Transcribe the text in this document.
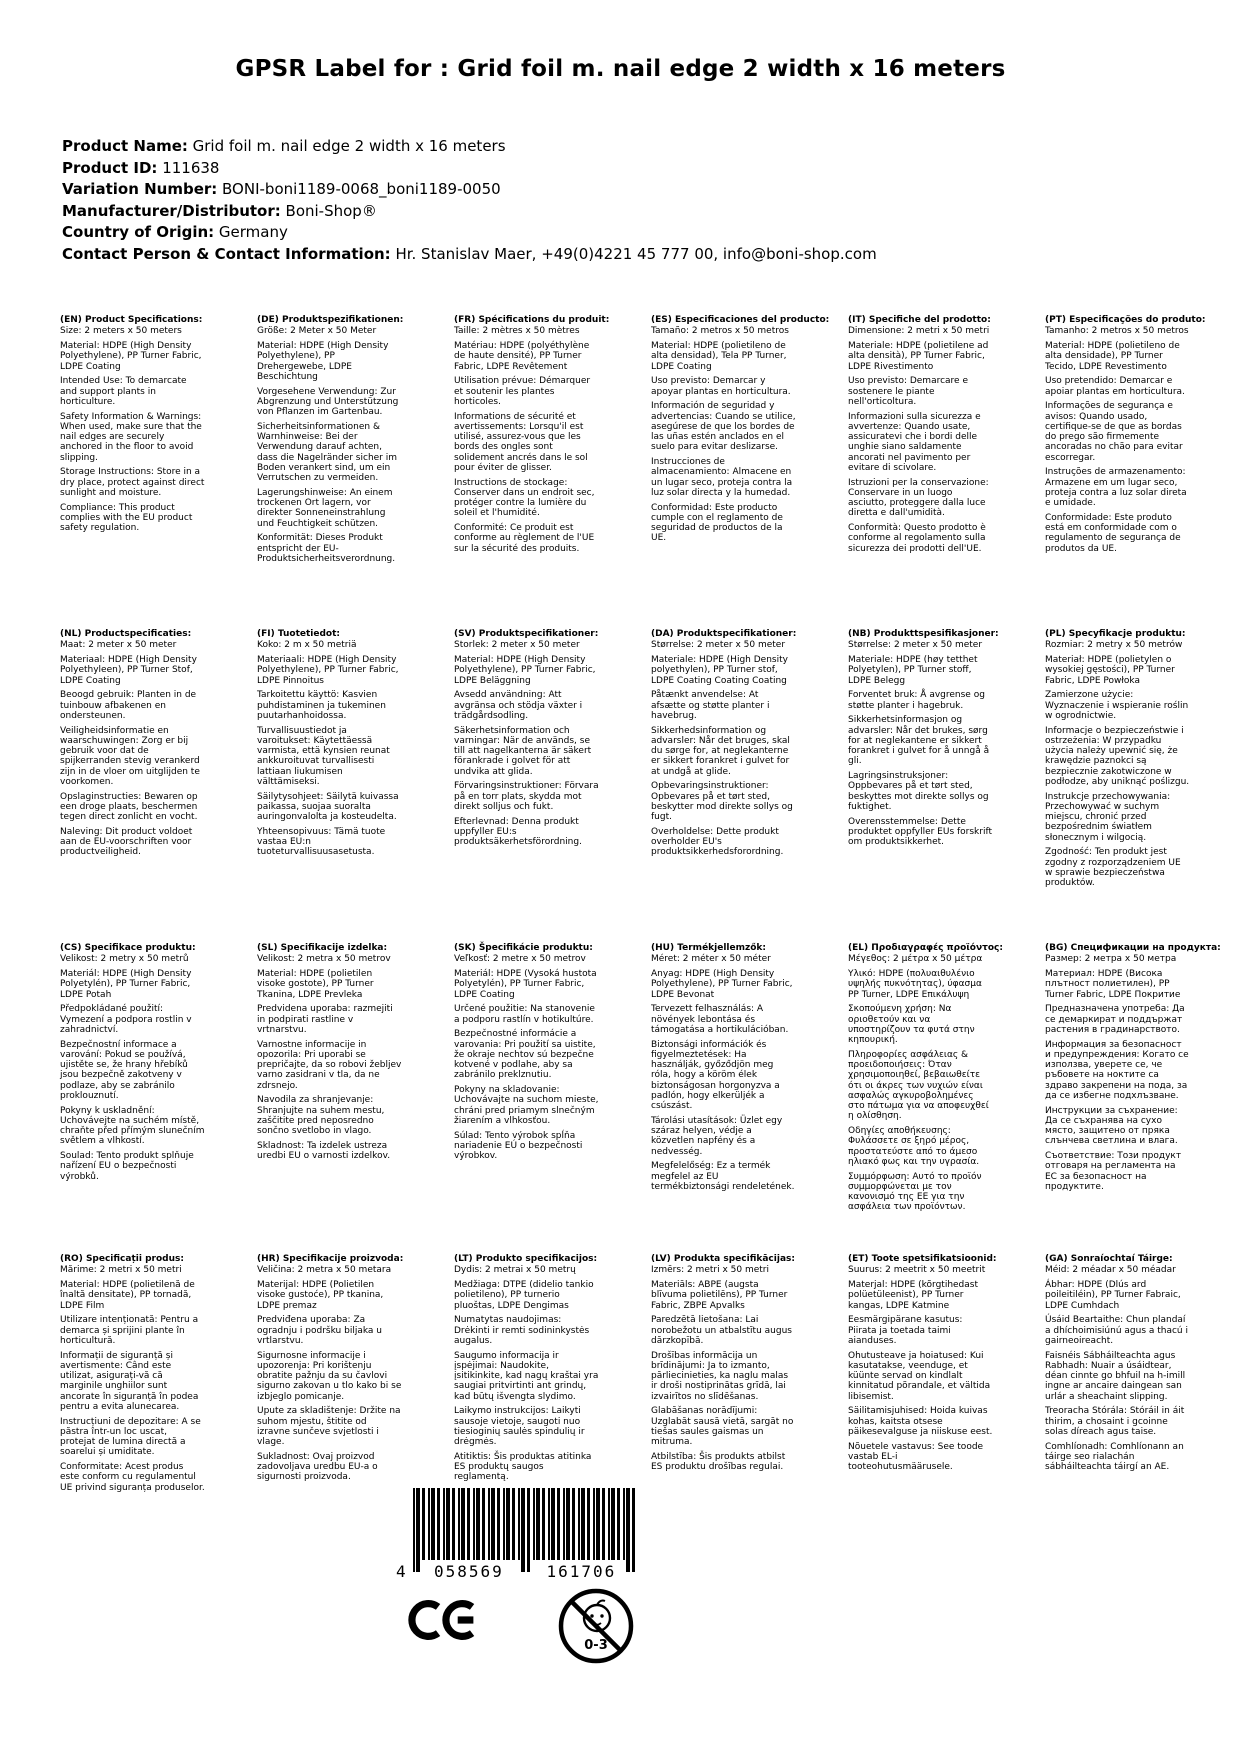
GPSR Label for : Grid foil m. nail edge 2 width x 16 meters
Product Name: Grid foil m. nail edge 2 width x 16 meters
Product ID: 111638
Variation Number: BONI-boni1189-0068_boni1189-0050
Manufacturer/Distributor: Boni-Shop®
Country of Origin: Germany
Contact Person & Contact Information: Hr. Stanislav Maer, +49(0)4221 45 777 00, info@boni-shop.com
(EN) Product Specifications:

Size: 2 meters x 50 meters

Material: HDPE (High Density Polyethylene), PP Turner Fabric, LDPE Coating

Intended Use: To demarcate and support plants in horticulture.

Safety Information & Warnings: When used, make sure that the nail edges are securely anchored in the floor to avoid slipping.

Storage Instructions: Store in a dry place, protect against direct sunlight and moisture.

Compliance: This product complies with the EU product safety regulation.

(DE) Produktspezifikationen:

Größe: 2 Meter x 50 Meter

Material: HDPE (High Density Polyethylene), PP Drehergewebe, LDPE Beschichtung

Vorgesehene Verwendung: Zur Abgrenzung und Unterstützung von Pflanzen im Gartenbau.

Sicherheitsinformationen & Warnhinweise: Bei der Verwendung darauf achten, dass die Nagelränder sicher im Boden verankert sind, um ein Verrutschen zu vermeiden.

Lagerungshinweise: An einem trockenen Ort lagern, vor direkter Sonneneinstrahlung und Feuchtigkeit schützen.

Konformität: Dieses Produkt entspricht der EU-Produktsicherheitsverordnung.

(FR) Spécifications du produit:

Taille: 2 mètres x 50 mètres

Matériau: HDPE (polyéthylène de haute densité), PP Turner Fabric, LDPE Revêtement

Utilisation prévue: Démarquer et soutenir les plantes horticoles.

Informations de sécurité et avertissements: Lorsqu'il est utilisé, assurez-vous que les bords des ongles sont solidement ancrés dans le sol pour éviter de glisser.

Instructions de stockage: Conserver dans un endroit sec, protéger contre la lumière du soleil et l'humidité.

Conformité: Ce produit est conforme au règlement de l'UE sur la sécurité des produits.

(ES) Especificaciones del producto:

Tamaño: 2 metros x 50 metros

Material: HDPE (polietileno de alta densidad), Tela PP Turner, LDPE Coating

Uso previsto: Demarcar y apoyar plantas en horticultura.

Información de seguridad y advertencias: Cuando se utilice, asegúrese de que los bordes de las uñas estén anclados en el suelo para evitar deslizarse.

Instrucciones de almacenamiento: Almacene en un lugar seco, proteja contra la luz solar directa y la humedad.

Conformidad: Este producto cumple con el reglamento de seguridad de productos de la UE.

(IT) Specifiche del prodotto:

Dimensione: 2 metri x 50 metri

Materiale: HDPE (polietilene ad alta densità), PP Turner Fabric, LDPE Rivestimento

Uso previsto: Demarcare e sostenere le piante nell'orticoltura.

Informazioni sulla sicurezza e avvertenze: Quando usate, assicuratevi che i bordi delle unghie siano saldamente ancorati nel pavimento per evitare di scivolare.

Istruzioni per la conservazione: Conservare in un luogo asciutto, proteggere dalla luce diretta e dall'umidità.

Conformità: Questo prodotto è conforme al regolamento sulla sicurezza dei prodotti dell'UE.

(PT) Especificações do produto:

Tamanho: 2 metros x 50 metros

Material: HDPE (polietileno de alta densidade), PP Turner Tecido, LDPE Revestimento

Uso pretendido: Demarcar e apoiar plantas em horticultura.

Informações de segurança e avisos: Quando usado, certifique-se de que as bordas do prego são firmemente ancoradas no chão para evitar escorregar.

Instruções de armazenamento: Armazene em um lugar seco, proteja contra a luz solar direta e umidade.

Conformidade: Este produto está em conformidade com o regulamento de segurança de produtos da UE.

(NL) Productspecificaties:

Maat: 2 meter x 50 meter

Materiaal: HDPE (High Density Polyethyleen), PP Turner Stof, LDPE Coating

Beoogd gebruik: Planten in de tuinbouw afbakenen en ondersteunen.

Veiligheidsinformatie en waarschuwingen: Zorg er bij gebruik voor dat de spijkerranden stevig verankerd zijn in de vloer om uitglijden te voorkomen.

Opslaginstructies: Bewaren op een droge plaats, beschermen tegen direct zonlicht en vocht.

Naleving: Dit product voldoet aan de EU-voorschriften voor productveiligheid.

(FI) Tuotetiedot:

Koko: 2 m x 50 metriä

Materiaali: HDPE (High Density Polyethylene), PP Turner Fabric, LDPE Pinnoitus

Tarkoitettu käyttö: Kasvien puhdistaminen ja tukeminen puutarhanhoidossa.

Turvallisuustiedot ja varoitukset: Käytettäessä varmista, että kynsien reunat ankkuroituvat turvallisesti lattiaan liukumisen välttämiseksi.

Säilytysohjeet: Säilytä kuivassa paikassa, suojaa suoralta auringonvalolta ja kosteudelta.

Yhteensopivuus: Tämä tuote vastaa EU:n tuoteturvallisuusasetusta.

(SV) Produktspecifikationer:

Storlek: 2 meter x 50 meter

Material: HDPE (High Density Polyethylene), PP Turner Fabric, LDPE Beläggning

Avsedd användning: Att avgränsa och stödja växter i trädgårdsodling.

Säkerhetsinformation och varningar: När de används, se till att nagelkanterna är säkert förankrade i golvet för att undvika att glida.

Förvaringsinstruktioner: Förvara på en torr plats, skydda mot direkt solljus och fukt.

Efterlevnad: Denna produkt uppfyller EU:s produktsäkerhetsförordning.

(DA) Produktspecifikationer:

Størrelse: 2 meter x 50 meter

Materiale: HDPE (High Density polyethylen), PP Turner stof, LDPE Coating Coating Coating

Påtænkt anvendelse: At afsætte og støtte planter i havebrug.

Sikkerhedsinformation og advarsler: Når det bruges, skal du sørge for, at neglekanterne er sikkert forankret i gulvet for at undgå at glide.

Opbevaringsinstruktioner: Opbevares på et tørt sted, beskytter mod direkte sollys og fugt.

Overholdelse: Dette produkt overholder EU's produktsikkerhedsforordning.

(NB) Produkttspesifikasjoner:

Størrelse: 2 meter x 50 meter

Materiale: HDPE (høy tetthet Polyetylen), PP Turner stoff, LDPE Belegg

Forventet bruk: Å avgrense og støtte planter i hagebruk.

Sikkerhetsinformasjon og advarsler: Når det brukes, sørg for at neglekantene er sikkert forankret i gulvet for å unngå å gli.

Lagringsinstruksjoner: Oppbevares på et tørt sted, beskyttes mot direkte sollys og fuktighet.

Overensstemmelse: Dette produktet oppfyller EUs forskrift om produktsikkerhet.

(PL) Specyfikacje produktu:

Rozmiar: 2 metry x 50 metrów

Materiał: HDPE (polietylen o wysokiej gęstości), PP Turner Fabric, LDPE Powłoka

Zamierzone użycie: Wyznaczenie i wspieranie roślin w ogrodnictwie.

Informacje o bezpieczeństwie i ostrzeżenia: W przypadku użycia należy upewnić się, że krawędzie paznokci są bezpiecznie zakotwiczone w podłodze, aby uniknąć poślizgu.

Instrukcje przechowywania: Przechowywać w suchym miejscu, chronić przed bezpośrednim światłem słonecznym i wilgocią.

Zgodność: Ten produkt jest zgodny z rozporządzeniem UE w sprawie bezpieczeństwa produktów.

(CS) Specifikace produktu:

Velikost: 2 metry x 50 metrů

Materiál: HDPE (High Density Polyetylén), PP Turner Fabric, LDPE Potah

Předpokládané použití: Vymezení a podpora rostlin v zahradnictví.

Bezpečnostní informace a varování: Pokud se používá, ujistěte se, že hrany hřebíků jsou bezpečně zakotveny v podlaze, aby se zabránilo proklouznutí.

Pokyny k uskladnění: Uchovávejte na suchém místě, chraňte před přímým slunečním světlem a vlhkostí.

Soulad: Tento produkt splňuje nařízení EU o bezpečnosti výrobků.

(SL) Specifikacije izdelka:

Velikost: 2 metra x 50 metrov

Material: HDPE (polietilen visoke gostote), PP Turner Tkanina, LDPE Prevleka

Predvidena uporaba: razmejiti in podpirati rastline v vrtnarstvu.

Varnostne informacije in opozorila: Pri uporabi se prepričajte, da so robovi žebljev varno zasidrani v tla, da ne zdrsnejo.

Navodila za shranjevanje: Shranjujte na suhem mestu, zaščitite pred neposredno sončno svetlobo in vlago.

Skladnost: Ta izdelek ustreza uredbi EU o varnosti izdelkov.

(SK) Špecifikácie produktu:

Veľkosť: 2 metre x 50 metrov

Materiál: HDPE (Vysoká hustota Polyetylén), PP Turner Fabric, LDPE Coating

Určené použitie: Na stanovenie a podporu rastlín v hotikultúre.

Bezpečnostné informácie a varovania: Pri použití sa uistite, že okraje nechtov sú bezpečne kotvené v podlahe, aby sa zabránilo preklznutiu.

Pokyny na skladovanie: Uchovávajte na suchom mieste, chráni pred priamym slnečným žiarením a vlhkosťou.

Súlad: Tento výrobok spĺňa nariadenie EÚ o bezpečnosti výrobkov.

(HU) Termékjellemzők:

Méret: 2 méter x 50 méter

Anyag: HDPE (High Density Polyethylene), PP Turner Fabric, LDPE Bevonat

Tervezett felhasználás: A növények lebontása és támogatása a hortikulációban.

Biztonsági információk és figyelmeztetések: Ha használják, győződjön meg róla, hogy a köröm élek biztonságosan horgonyzva a padlón, hogy elkerüljék a csúszást.

Tárolási utasítások: Üzlet egy száraz helyen, védje a közvetlen napfény és a nedvesség.

Megfelelőség: Ez a termék megfelel az EU termékbiztonsági rendeletének.

(EL) Προδιαγραφές προϊόντος:

Μέγεθος: 2 μέτρα x 50 μέτρα

Υλικό: HDPE (πολυαιθυλένιο υψηλής πυκνότητας), ύφασμα PP Turner, LDPE Επικάλυψη

Σκοπούμενη χρήση: Να οριοθετούν και να υποστηρίζουν τα φυτά στην κηπουρική.

Πληροφορίες ασφάλειας & προειδοποιήσεις: Όταν χρησιμοποιηθεί, βεβαιωθείτε ότι οι άκρες των νυχιών είναι ασφαλώς αγκυροβολημένες στο πάτωμα για να αποφευχθεί η ολίσθηση.

Οδηγίες αποθήκευσης: Φυλάσσετε σε ξηρό μέρος, προστατεύστε από το άμεσο ηλιακό φως και την υγρασία.

Συμμόρφωση: Αυτό το προϊόν συμμορφώνεται με τον κανονισμό της ΕΕ για την ασφάλεια των προϊόντων.

(BG) Спецификации на продукта:

Размер: 2 метра x 50 метра

Материал: HDPE (Висока плътност полиетилен), PP Turner Fabric, LDPE Покритие

Предназначена употреба: Да се демаркират и поддържат растения в градинарството.

Информация за безопасност и предупреждения: Когато се използва, уверете се, че ръбовете на ноктите са здраво закрепени на пода, за да се избегне подхлъзване.

Инструкции за съхранение: Да се съхранява на сухо място, защитено от пряка слънчева светлина и влага.

Съответствие: Този продукт отговаря на регламента на ЕС за безопасност на продуктите.

(RO) Specificații produs:

Mărime: 2 metri x 50 metri

Material: HDPE (polietilenă de înaltă densitate), PP tornadă, LDPE Film

Utilizare intenționată: Pentru a demarca și sprijini plante în horticultură.

Informații de siguranță și avertismente: Când este utilizat, asigurați-vă că marginile unghiilor sunt ancorate în siguranță în podea pentru a evita alunecarea.

Instrucțiuni de depozitare: A se păstra într-un loc uscat, protejat de lumina directă a soarelui și umiditate.

Conformitate: Acest produs este conform cu regulamentul UE privind siguranța produselor.

(HR) Specifikacije proizvoda:

Veličina: 2 metra x 50 metara

Materijal: HDPE (Polietilen visoke gustoće), PP tkanina, LDPE premaz

Predviđena uporaba: Za ogradnju i podršku biljaka u vrtlarstvu.

Sigurnosne informacije i upozorenja: Pri korištenju obratite pažnju da su čavlovi sigurno zakovan u tlo kako bi se izbjeglo pomicanje.

Upute za skladištenje: Držite na suhom mjestu, štitite od izravne sunčeve svjetlosti i vlage.

Sukladnost: Ovaj proizvod zadovoljava uredbu EU-a o sigurnosti proizvoda.

(LT) Produkto specifikacijos:

Dydis: 2 metrai x 50 metrų

Medžiaga: DTPE (didelio tankio polietileno), PP turnerio pluoštas, LDPE Dengimas

Numatytas naudojimas: Drėkinti ir remti sodininkystės augalus.

Saugumo informacija ir įspėjimai: Naudokite, įsitikinkite, kad nagų kraštai yra saugiai pritvirtinti ant grindų, kad būtų išvengta slydimo.

Laikymo instrukcijos: Laikyti sausoje vietoje, saugoti nuo tiesioginių saulės spindulių ir drėgmės.

Atitiktis: Šis produktas atitinka ES produktų saugos reglamentą.

(LV) Produkta specifikācijas:

Izmērs: 2 metri x 50 metri

Materiāls: ABPE (augsta blīvuma polietilēns), PP Turner Fabric, ZBPE Apvalks

Paredzētā lietošana: Lai norobežotu un atbalstītu augus dārzkopībā.

Drošības informācija un brīdinājumi: Ja to izmanto, pārliecinieties, ka naglu malas ir droši nostiprinātas grīdā, lai izvairītos no slīdēšanas.

Glabāšanas norādījumi: Uzglabāt sausā vietā, sargāt no tiešas saules gaismas un mitruma.

Atbilstība: Šis produkts atbilst ES produktu drošības regulai.

(ET) Toote spetsifikatsioonid:

Suurus: 2 meetrit x 50 meetrit

Materjal: HDPE (kõrgtihedast polüetüleenist), PP Turner kangas, LDPE Katmine

Eesmärgipärane kasutus: Piirata ja toetada taimi aianduses.

Ohutusteave ja hoiatused: Kui kasutatakse, veenduge, et küünte servad on kindlalt kinnitatud põrandale, et vältida libisemist.

Säilitamisjuhised: Hoida kuivas kohas, kaitsta otsese päikesevalguse ja niiskuse eest.

Nõuetele vastavus: See toode vastab EL-i tooteohutusmäärusele.

(GA) Sonraíochtaí Táirge:

Méid: 2 méadar x 50 méadar

Ábhar: HDPE (Dlús ard poileitiléin), PP Turner Fabraic, LDPE Cumhdach

Úsáid Beartaithe: Chun plandaí a dhíchoimisiúnú agus a thacú i gairneoireacht.

Faisnéis Sábháilteachta agus Rabhadh: Nuair a úsáidtear, déan cinnte go bhfuil na h-imill ingne ar ancaire daingean san urlár a sheachaint slipping.

Treoracha Stórála: Stóráil in áit thirim, a chosaint i gcoinne solas díreach agus taise.

Comhlíonadh: Comhlíonann an táirge seo rialachán sábháilteachta táirgí an AE.

4	058569	161706
0-3
